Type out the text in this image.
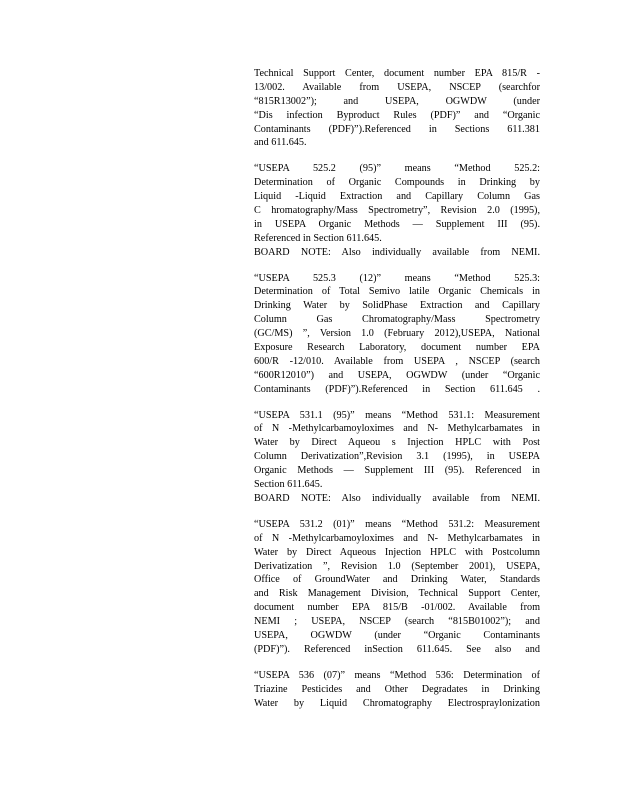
Technical Support Center, document number EPA 815/R -
13/002. Available from USEPA, NSCEP (searchfor
“815R13002”); and USEPA, OGWDW (under
“Dis infection Byproduct Rules (PDF)” and “Organic
Contaminants (PDF)”).Referenced in Sections 611.381
and 611.645.
“USEPA 525.2 (95)” means “Method 525.2:
Determination of Organic Compounds in Drinking by
Liquid -Liquid Extraction and Capillary Column Gas
C hromatography/Mass Spectrometry”, Revision 2.0 (1995),
in USEPA Organic Methods — Supplement III (95).
Referenced in Section 611.645.
BOARD NOTE: Also individually available from NEMI.
“USEPA 525.3 (12)” means “Method 525.3:
Determination of Total Semivo latile Organic Chemicals in
Drinking Water by SolidPhase Extraction and Capillary
Column Gas Chromatography/Mass Spectrometry
(GC/MS) ”, Version 1.0 (February 2012),USEPA, National
Exposure Research Laboratory, document number EPA
600/R -12/010. Available from USEPA , NSCEP (search
“600R12010”) and USEPA, OGWDW (under “Organic
Contaminants (PDF)”).Referenced in Section 611.645 .
“USEPA 531.1 (95)” means “Method 531.1: Measurement
of N -Methylcarbamoyloximes and N- Methylcarbamates in
Water by Direct Aqueou s Injection HPLC with Post
Column Derivatization”,Revision 3.1 (1995), in USEPA
Organic Methods — Supplement III (95). Referenced in
Section 611.645.
BOARD NOTE: Also individually available from NEMI.
“USEPA 531.2 (01)” means “Method 531.2: Measurement
of N -Methylcarbamoyloximes and N- Methylcarbamates in
Water by Direct Aqueous Injection HPLC with Postcolumn
Derivatization ”, Revision 1.0 (September 2001), USEPA,
Office of GroundWater and Drinking Water, Standards
and Risk Management Division, Technical Support Center,
document number EPA 815/B -01/002. Available from
NEMI ; USEPA, NSCEP (search “815B01002”); and
USEPA, OGWDW (under “Organic Contaminants
(PDF)”). Referenced inSection 611.645. See also and
“USEPA 536 (07)” means “Method 536: Determination of
Triazine Pesticides and Other Degradates in Drinking
Water by Liquid Chromatography Electrospraylonization
